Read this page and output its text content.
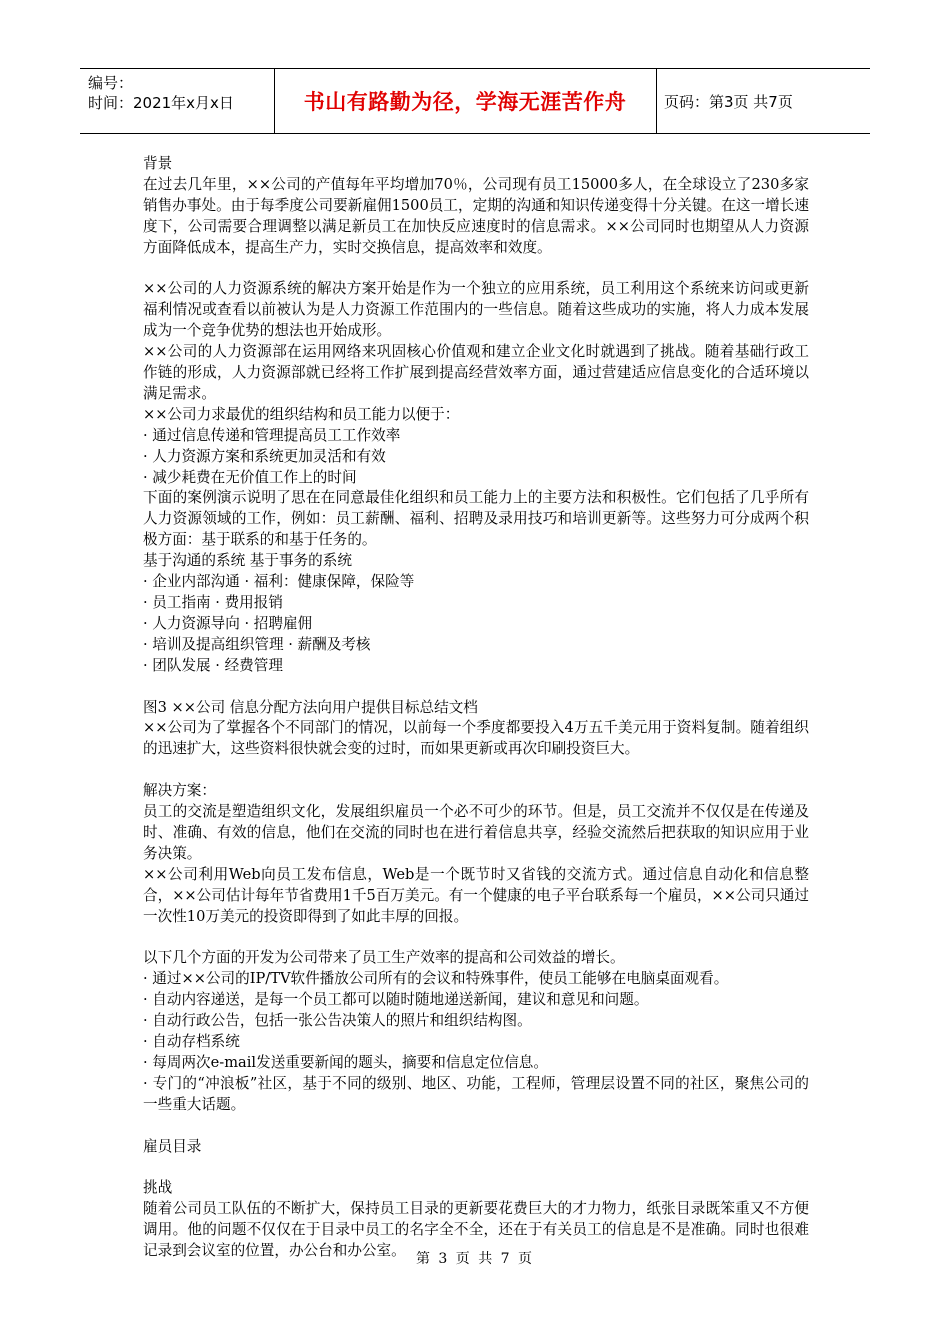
编号：
时间：2021年x月x日	书山有路勤为径，学海无涯苦作舟	页码：第3页 共7页

背景

在过去几年里，××公司的产值每年平均增加70％，公司现有员工15000多人，在全球设立了230多家销售办事处。由于每季度公司要新雇佣1500员工，定期的沟通和知识传递变得十分关键。在这一增长速度下，公司需要合理调整以满足新员工在加快反应速度时的信息需求。××公司同时也期望从人力资源方面降低成本，提高生产力，实时交换信息，提高效率和效度。

××公司的人力资源系统的解决方案开始是作为一个独立的应用系统，员工利用这个系统来访问或更新福利情况或查看以前被认为是人力资源工作范围内的一些信息。随着这些成功的实施，将人力成本发展成为一个竞争优势的想法也开始成形。

××公司的人力资源部在运用网络来巩固核心价值观和建立企业文化时就遇到了挑战。随着基础行政工作链的形成，人力资源部就已经将工作扩展到提高经营效率方面，通过营建适应信息变化的合适环境以满足需求。

××公司力求最优的组织结构和员工能力以便于：

· 通过信息传递和管理提高员工工作效率

· 人力资源方案和系统更加灵活和有效

· 减少耗费在无价值工作上的时间

下面的案例演示说明了思在在同意最佳化组织和员工能力上的主要方法和积极性。它们包括了几乎所有人力资源领域的工作，例如：员工薪酬、福利、招聘及录用技巧和培训更新等。这些努力可分成两个积极方面：基于联系的和基于任务的。

基于沟通的系统 基于事务的系统

· 企业内部沟通 · 福利：健康保障，保险等

· 员工指南 · 费用报销

· 人力资源导向 · 招聘雇佣

· 培训及提高组织管理 · 薪酬及考核

· 团队发展 · 经费管理

图3 ××公司 信息分配方法向用户提供目标总结文档

××公司为了掌握各个不同部门的情况，以前每一个季度都要投入4万五千美元用于资料复制。随着组织的迅速扩大，这些资料很快就会变的过时，而如果更新或再次印刷投资巨大。

解决方案：

员工的交流是塑造组织文化，发展组织雇员一个必不可少的环节。但是，员工交流并不仅仅是在传递及时、准确、有效的信息，他们在交流的同时也在进行着信息共享，经验交流然后把获取的知识应用于业务决策。

××公司利用Web向员工发布信息，Web是一个既节时又省钱的交流方式。通过信息自动化和信息整合，××公司估计每年节省费用1千5百万美元。有一个健康的电子平台联系每一个雇员，××公司只通过一次性10万美元的投资即得到了如此丰厚的回报。

以下几个方面的开发为公司带来了员工生产效率的提高和公司效益的增长。

· 通过××公司的IP/TV软件播放公司所有的会议和特殊事件，使员工能够在电脑桌面观看。

· 自动内容递送，是每一个员工都可以随时随地递送新闻，建议和意见和问题。

· 自动行政公告，包括一张公告决策人的照片和组织结构图。

· 自动存档系统

· 每周两次e-mail发送重要新闻的题头，摘要和信息定位信息。

· 专门的“冲浪板”社区，基于不同的级别、地区、功能，工程师，管理层设置不同的社区，聚焦公司的一些重大话题。

雇员目录

挑战

随着公司员工队伍的不断扩大，保持员工目录的更新要花费巨大的才力物力，纸张目录既笨重又不方便调用。他的问题不仅仅在于目录中员工的名字全不全，还在于有关员工的信息是不是准确。同时也很难记录到会议室的位置，办公台和办公室。 第 3 页 共 7 页
